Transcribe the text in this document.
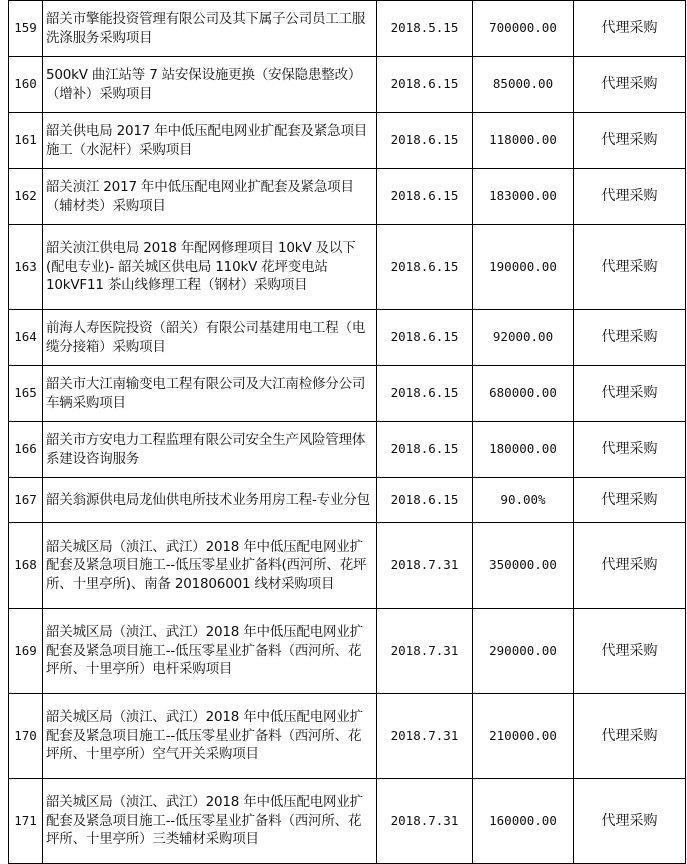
159	韶关市擎能投资管理有限公司及其下属子公司员工工服洗涤服务采购项目	2018.5.15	700000.00	代理采购
160	500kV 曲江站等 7 站安保设施更换（安保隐患整改）（增补）采购项目	2018.6.15	85000.00	代理采购
161	韶关供电局 2017 年中低压配电网业扩配套及紧急项目施工（水泥杆）采购项目	2018.6.15	118000.00	代理采购
162	韶关浈江 2017 年中低压配电网业扩配套及紧急项目（辅材类）采购项目	2018.6.15	183000.00	代理采购
163	韶关浈江供电局 2018 年配网修理项目 10kV 及以下(配电专业)- 韶关城区供电局 110kV 花坪变电站 10kVF11 茶山线修理工程（钢材）采购项目	2018.6.15	190000.00	代理采购
164	前海人寿医院投资（韶关）有限公司基建用电工程（电缆分接箱）采购项目	2018.6.15	92000.00	代理采购
165	韶关市大江南输变电工程有限公司及大江南检修分公司车辆采购项目	2018.6.15	680000.00	代理采购
166	韶关市方安电力工程监理有限公司安全生产风险管理体系建设咨询服务	2018.6.15	180000.00	代理采购
167	韶关翁源供电局龙仙供电所技术业务用房工程-专业分包	2018.6.15	90.00%	代理采购
168	韶关城区局（浈江、武江）2018 年中低压配电网业扩配套及紧急项目施工--低压零星业扩备料(西河所、花坪所、十里亭所)、南备 201806001 线材采购项目	2018.7.31	350000.00	代理采购
169	韶关城区局（浈江、武江）2018 年中低压配电网业扩配套及紧急项目施工--低压零星业扩备料（西河所、花坪所、十里亭所）电杆采购项目	2018.7.31	290000.00	代理采购
170	韶关城区局（浈江、武江）2018 年中低压配电网业扩配套及紧急项目施工--低压零星业扩备料（西河所、花坪所、十里亭所）空气开关采购项目	2018.7.31	210000.00	代理采购
171	韶关城区局（浈江、武江）2018 年中低压配电网业扩配套及紧急项目施工--低压零星业扩备料（西河所、花坪所、十里亭所）三类辅材采购项目	2018.7.31	160000.00	代理采购
